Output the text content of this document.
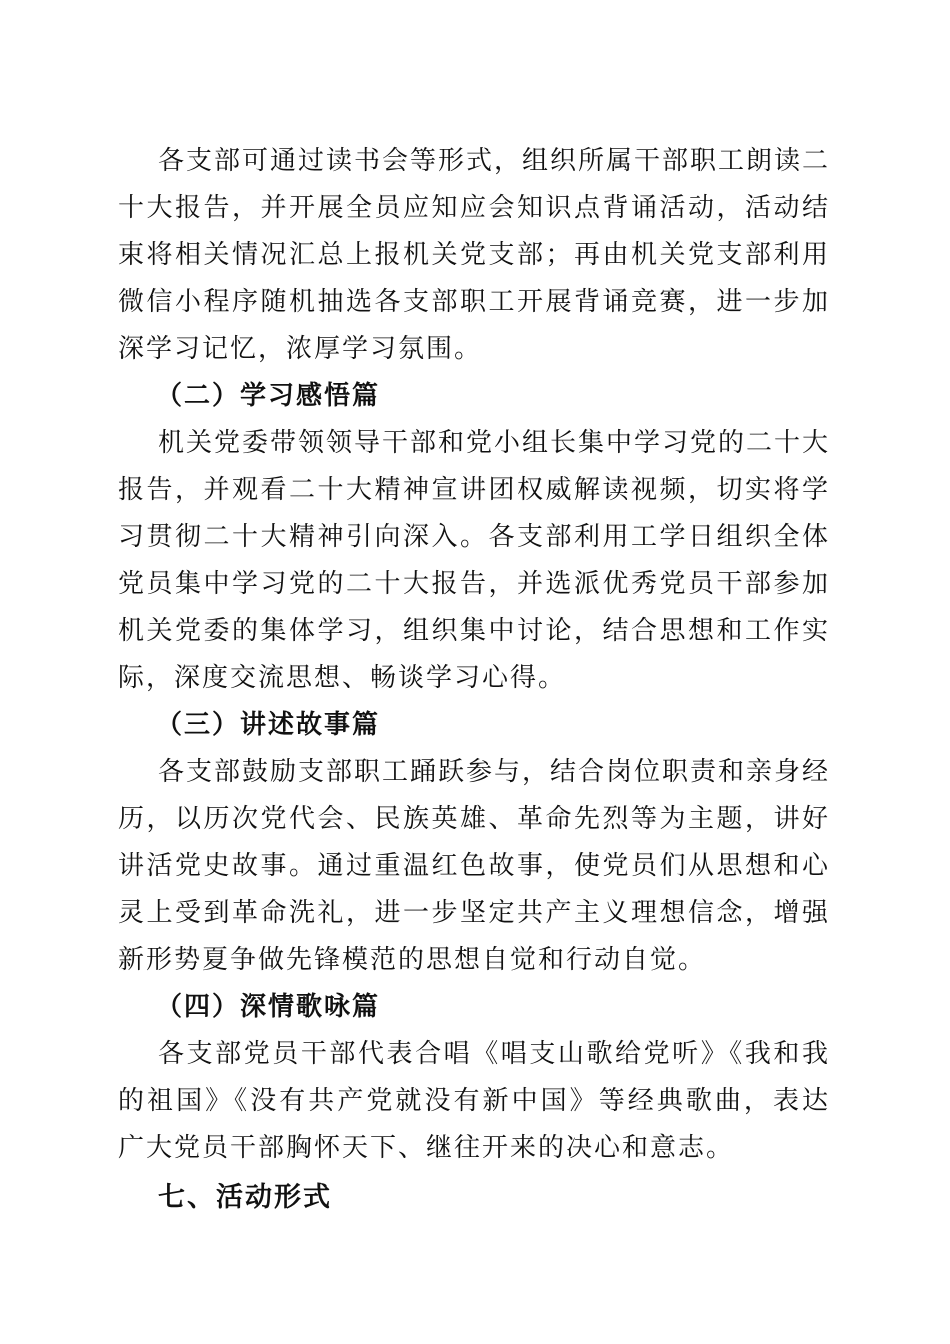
各支部可通过读书会等形式，组织所属干部职工朗读二十大报告，并开展全员应知应会知识点背诵活动，活动结束将相关情况汇总上报机关党支部；再由机关党支部利用微信小程序随机抽选各支部职工开展背诵竞赛，进一步加深学习记忆，浓厚学习氛围。

（二）学习感悟篇

机关党委带领领导干部和党小组长集中学习党的二十大报告，并观看二十大精神宣讲团权威解读视频，切实将学习贯彻二十大精神引向深入。各支部利用工学日组织全体党员集中学习党的二十大报告，并选派优秀党员干部参加机关党委的集体学习，组织集中讨论，结合思想和工作实际，深度交流思想、畅谈学习心得。

（三）讲述故事篇

各支部鼓励支部职工踊跃参与，结合岗位职责和亲身经历，以历次党代会、民族英雄、革命先烈等为主题，讲好讲活党史故事。通过重温红色故事，使党员们从思想和心灵上受到革命洗礼，进一步坚定共产主义理想信念，增强新形势夏争做先锋模范的思想自觉和行动自觉。

（四）深情歌咏篇

各支部党员干部代表合唱《唱支山歌给党听》《我和我的祖国》《没有共产党就没有新中国》等经典歌曲，表达广大党员干部胸怀天下、继往开来的决心和意志。

七、活动形式
